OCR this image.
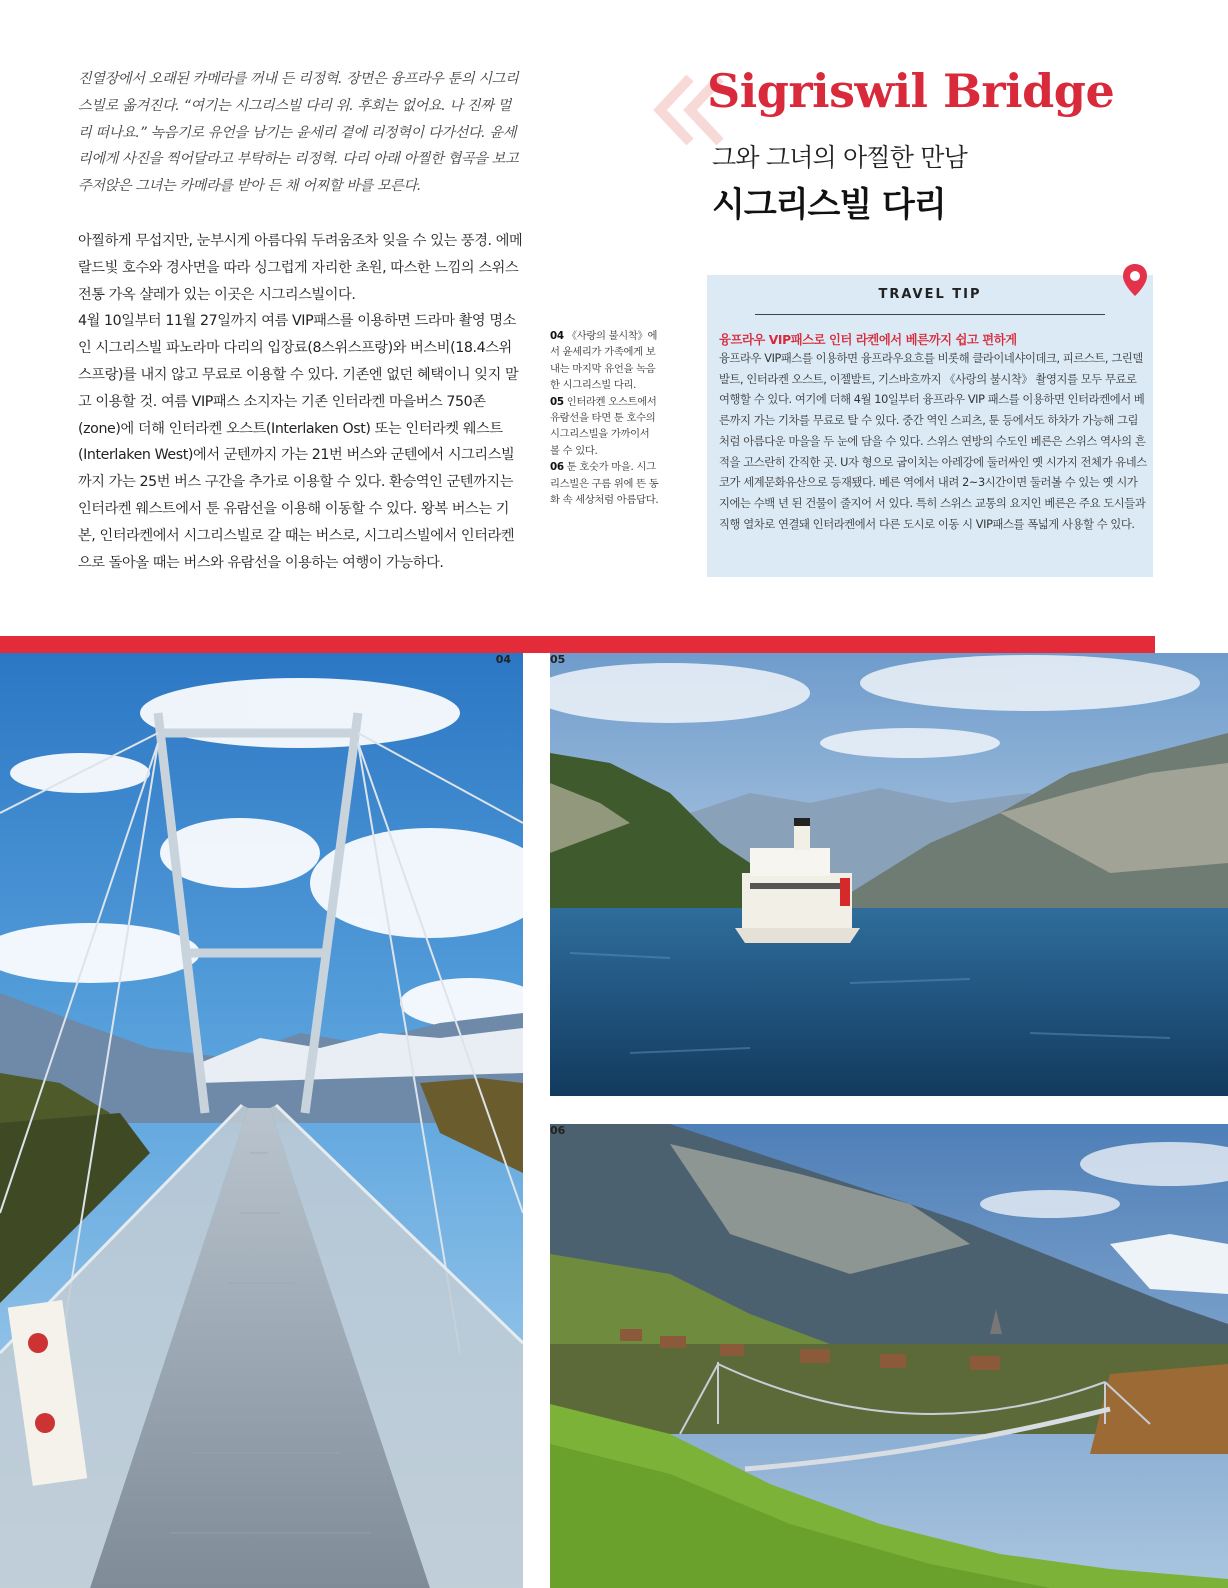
진열장에서 오래된 카메라를 꺼내 든 리정혁. 장면은 융프라우 툰의 시그리스빌로 옮겨진다. “여기는 시그리스빌 다리 위. 후회는 없어요. 나 진짜 멀리 떠나요.” 녹음기로 유언을 남기는 윤세리 곁에 리정혁이 다가선다. 윤세리에게 사진을 찍어달라고 부탁하는 리정혁. 다리 아래 아찔한 협곡을 보고 주저앉은 그녀는 카메라를 받아 든 채 어찌할 바를 모른다.

아찔하게 무섭지만, 눈부시게 아름다워 두려움조차 잊을 수 있는 풍경. 에메랄드빛 호수와 경사면을 따라 싱그럽게 자리한 초원, 따스한 느낌의 스위스전통 가옥 샬레가 있는 이곳은 시그리스빌이다.

4월 10일부터 11월 27일까지 여름 VIP패스를 이용하면 드라마 촬영 명소인 시그리스빌 파노라마 다리의 입장료(8스위스프랑)와 버스비(18.4스위스프랑)를 내지 않고 무료로 이용할 수 있다. 기존엔 없던 혜택이니 잊지 말고 이용할 것. 여름 VIP패스 소지자는 기존 인터라켄 마을버스 750존(zone)에 더해 인터라켄 오스트(Interlaken Ost) 또는 인터라켓 웨스트(Interlaken West)에서 군텐까지 가는 21번 버스와 군텐에서 시그리스빌까지 가는 25번 버스 구간을 추가로 이용할 수 있다. 환승역인 군텐까지는 인터라켄 웨스트에서 툰 유람선을 이용해 이동할 수 있다. 왕복 버스는 기본, 인터라켄에서 시그리스빌로 갈 때는 버스로, 시그리스빌에서 인터라켄으로 돌아올 때는 버스와 유람선을 이용하는 여행이 가능하다.

04 《사랑의 불시착》에서 윤세리가 가족에게 보내는 마지막 유언을 녹음한 시그리스빌 다리.

05 인터라켄 오스트에서 유람선을 타면 툰 호수의 시그리스빌을 가까이서 볼 수 있다.

06 툰 호숫가 마을. 시그리스빌은 구름 위에 뜬 동화 속 세상처럼 아름답다.

Sigriswil Bridge
그와 그녀의 아찔한 만남
시그리스빌 다리
TRAVEL TIP
융프라우 VIP패스로 인터 라켄에서 베른까지 쉽고 편하게
융프라우 VIP패스를 이용하면 융프라우요흐를 비롯해 클라이네샤이데크, 피르스트, 그린델발트, 인터라켄 오스트, 이젤발트, 기스바흐까지 《사랑의 불시착》 촬영지를 모두 무료로 여행할 수 있다. 여기에 더해 4월 10일부터 융프라우 VIP 패스를 이용하면 인터라켄에서 베른까지 가는 기차를 무료로 탈 수 있다. 중간 역인 스피츠, 툰 등에서도 하차가 가능해 그림처럼 아름다운 마을을 두 눈에 담을 수 있다. 스위스 연방의 수도인 베른은 스위스 역사의 흔적을 고스란히 간직한 곳. U자 형으로 굽이치는 아레강에 둘러싸인 옛 시가지 전체가 유네스코가 세계문화유산으로 등재됐다. 베른 역에서 내려 2~3시간이면 둘러볼 수 있는 옛 시가지에는 수백 년 된 건물이 줄지어 서 있다. 특히 스위스 교통의 요지인 베른은 주요 도시들과 직행 열차로 연결돼 인터라켄에서 다른 도시로 이동 시 VIP패스를 폭넓게 사용할 수 있다.
04	05
06
